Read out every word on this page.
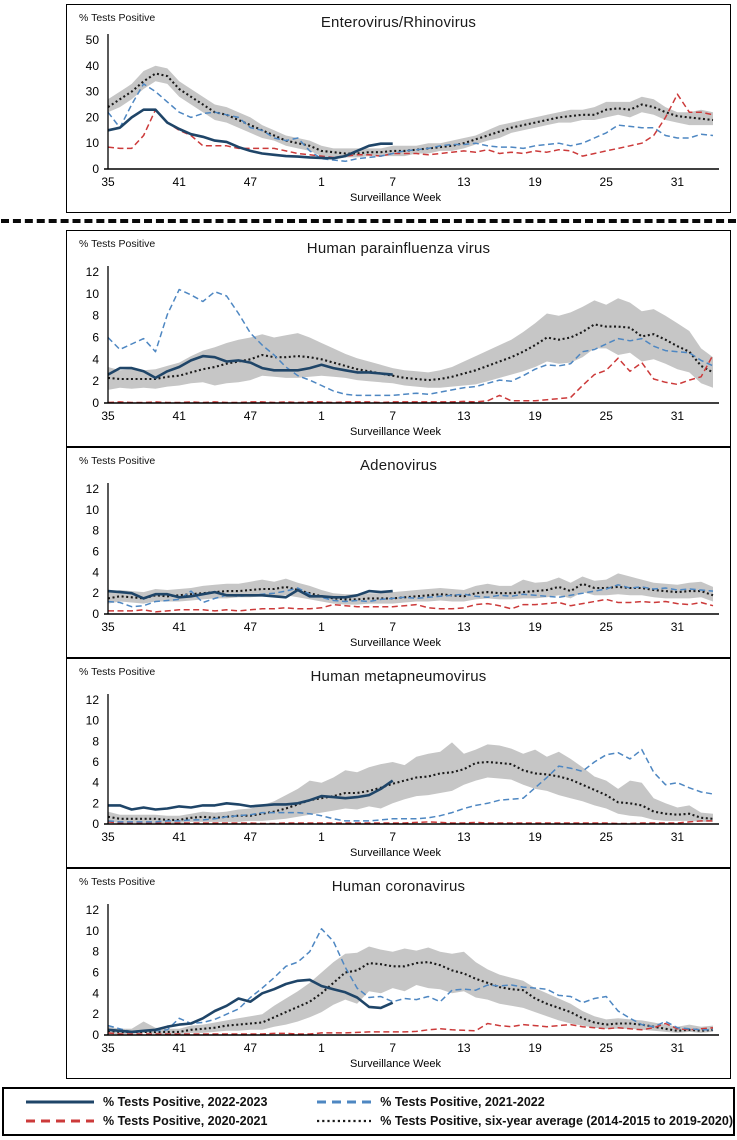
% Tests Positive	Enterovirus/Rhinovirus
0
10
20
30
40
50
35	41	47	1	7	13	19	25	31
Surveillance Week
% Tests Positive	Human parainfluenza virus
0
2
4
6
8
10
12
35	41	47	1	7	13	19	25	31
Surveillance Week
% Tests Positive	Adenovirus
0
2
4
6
8
10
12
35	41	47	1	7	13	19	25	31
Surveillance Week
% Tests Positive	Human metapneumovirus
0
2
4
6
8
10
12
35	41	47	1	7	13	19	25	31
Surveillance Week
% Tests Positive	Human coronavirus
0
2
4
6
8
10
12
35	41	47	1	7	13	19	25	31
Surveillance Week
% Tests Positive, 2022-2023
% Tests Positive, 2020-2021
% Tests Positive, 2021-2022
% Tests Positive, six-year average (2014-2015 to 2019-2020)
